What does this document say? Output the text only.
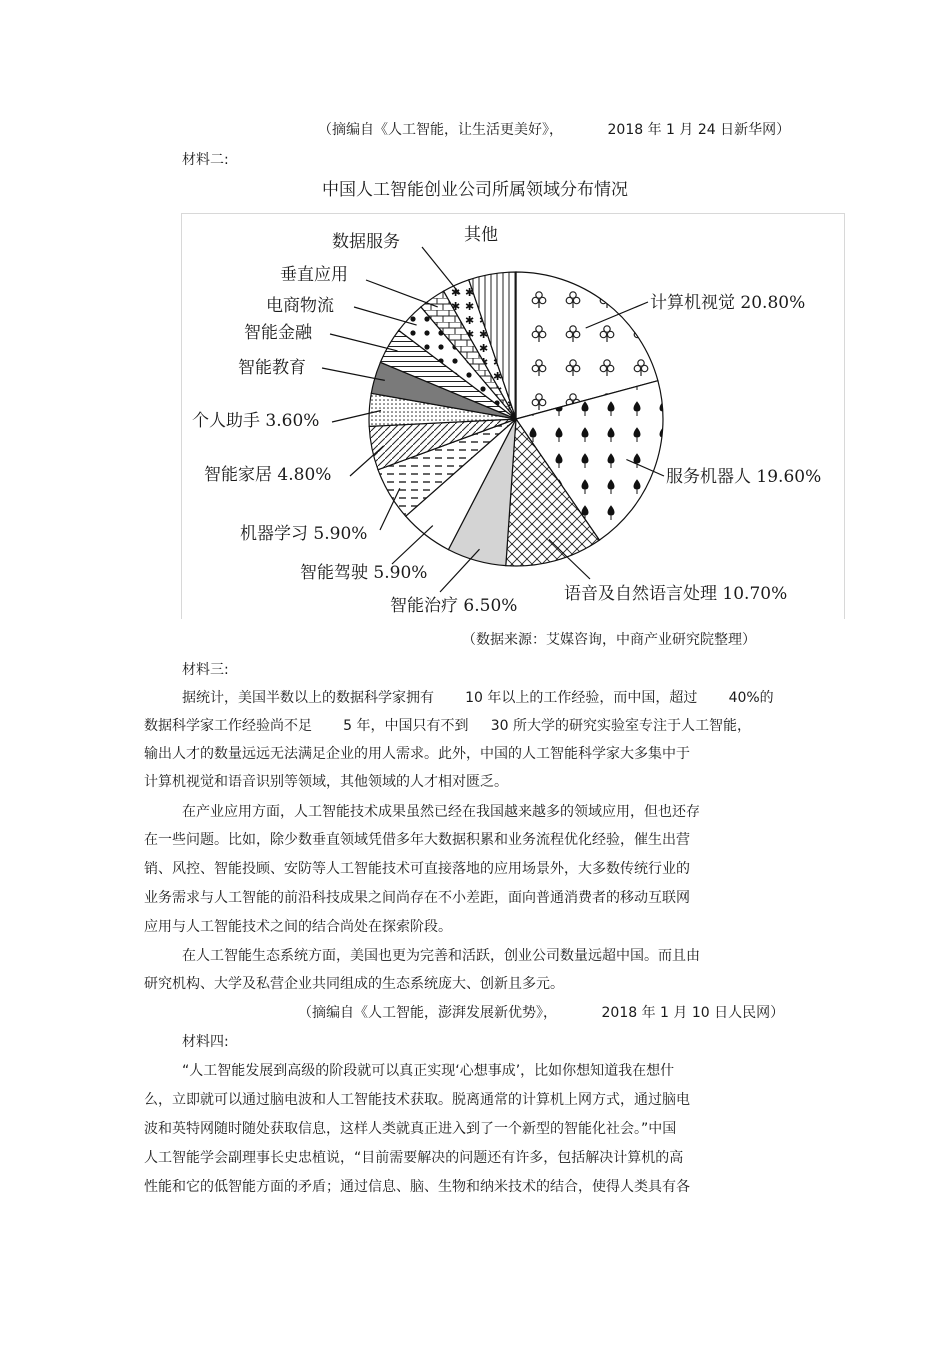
（摘编自《人工智能，让生活更美好》，          2018 年 1 月 24 日新华网）
材料二:
中国人工智能创业公司所属领域分布情况
计算机视觉 20.80%
服务机器人 19.60%
语音及自然语言处理 10.70%
智能治疗 6.50%
智能驾驶 5.90%
机器学习 5.90%
智能家居 4.80%
个人助手 3.60%
智能教育
智能金融
电商物流
垂直应用
数据服务	其他
（数据来源：艾媒咨询，中商产业研究院整理）
材料三:
据统计，美国半数以上的数据科学家拥有       10 年以上的工作经验，而中国，超过       40%的
数据科学家工作经验尚不足       5 年，中国只有不到     30 所大学的研究实验室专注于人工智能，
输出人才的数量远远无法满足企业的用人需求。此外，中国的人工智能科学家大多集中于
计算机视觉和语音识别等领域，其他领域的人才相对匮乏。
在产业应用方面，人工智能技术成果虽然已经在我国越来越多的领域应用，但也还存
在一些问题。比如，除少数垂直领域凭借多年大数据积累和业务流程优化经验，催生出营
销、风控、智能投顾、安防等人工智能技术可直接落地的应用场景外，大多数传统行业的
业务需求与人工智能的前沿科技成果之间尚存在不小差距，面向普通消费者的移动互联网
应用与人工智能技术之间的结合尚处在探索阶段。
在人工智能生态系统方面，美国也更为完善和活跃，创业公司数量远超中国。而且由
研究机构、大学及私营企业共同组成的生态系统庞大、创新且多元。
（摘编自《人工智能，澎湃发展新优势》，          2018 年 1 月 10 日人民网）
材料四:
“人工智能发展到高级的阶段就可以真正实现‘心想事成’，比如你想知道我在想什
么，立即就可以通过脑电波和人工智能技术获取。脱离通常的计算机上网方式，通过脑电
波和英特网随时随处获取信息，这样人类就真正进入到了一个新型的智能化社会。”中国
人工智能学会副理事长史忠植说，“目前需要解决的问题还有许多，包括解决计算机的高
性能和它的低智能方面的矛盾；通过信息、脑、生物和纳米技术的结合，使得人类具有各
